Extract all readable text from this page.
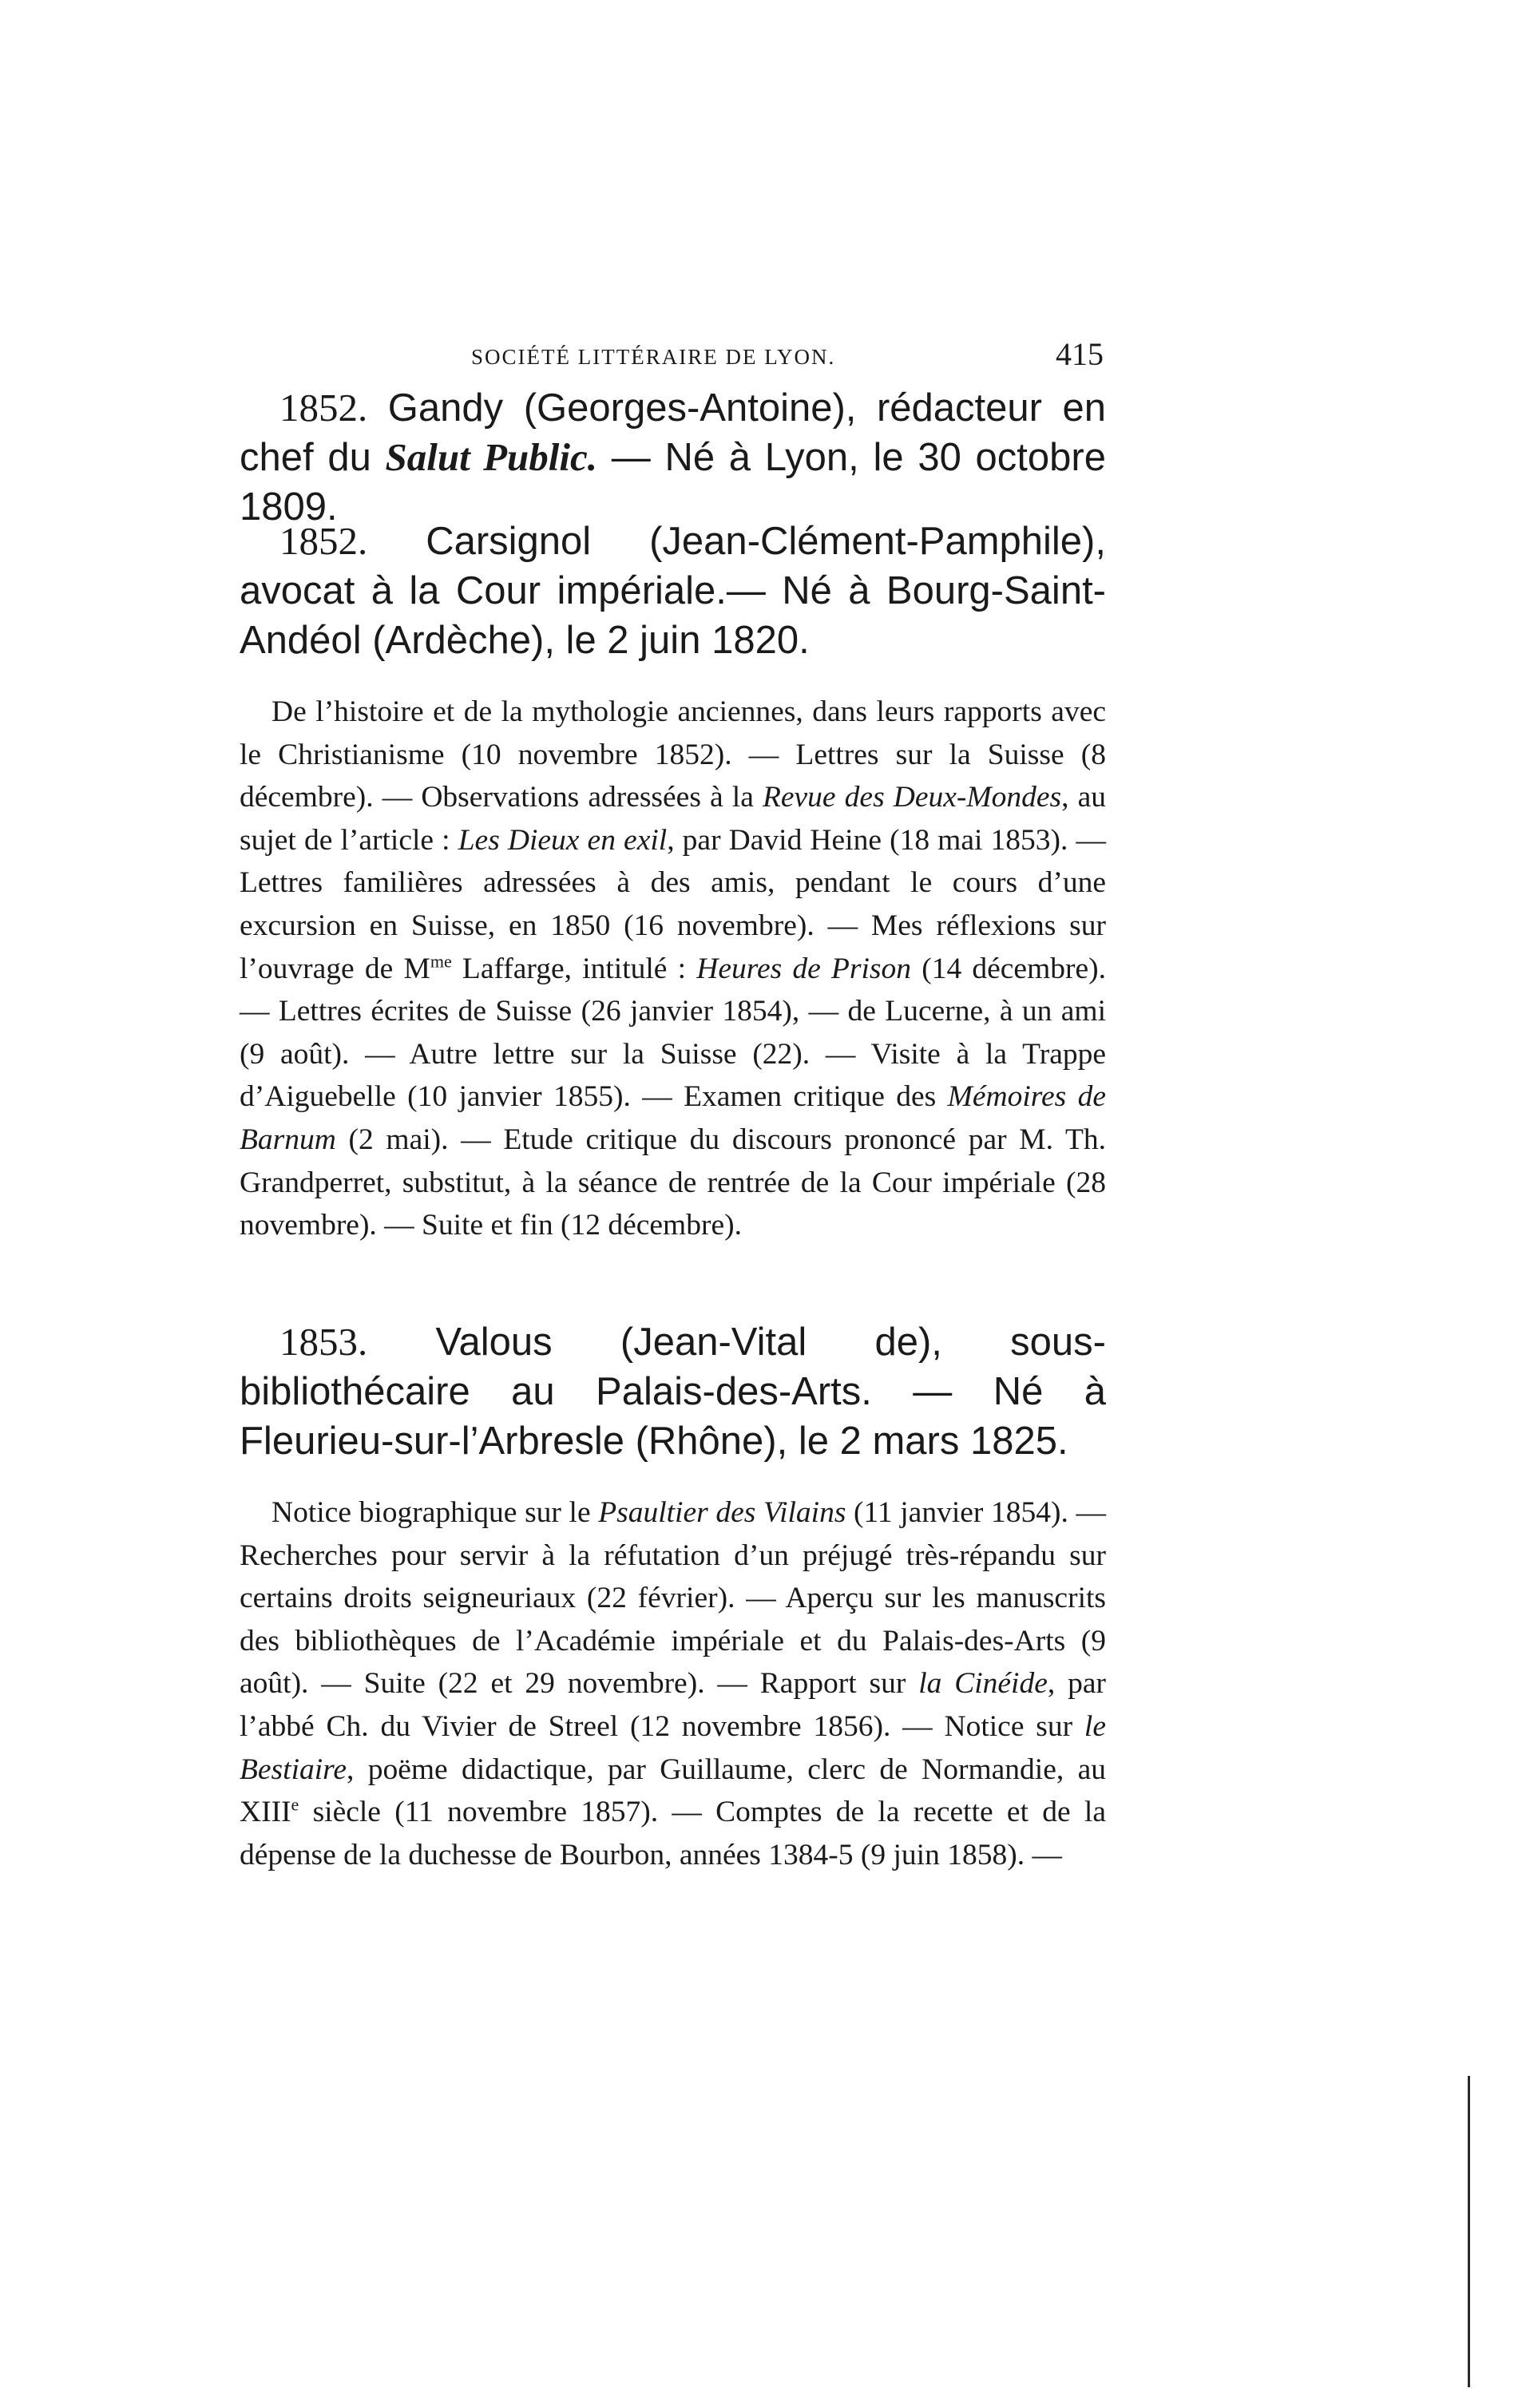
SOCIÉTÉ LITTÉRAIRE DE LYON.	415

1852. Gandy (Georges-Antoine), rédacteur en chef du Salut Public. — Né à Lyon, le 30 octobre 1809.

1852. Carsignol (Jean-Clément-Pamphile), avocat à la Cour impériale.— Né à Bourg-Saint-Andéol (Ardèche), le 2 juin 1820.

De l’histoire et de la mythologie anciennes, dans leurs rapports avec le Christianisme (10 novembre 1852). — Lettres sur la Suisse (8 décembre). — Observations adressées à la Revue des Deux-Mondes, au sujet de l’article : Les Dieux en exil, par David Heine (18 mai 1853). — Lettres familières adressées à des amis, pendant le cours d’une excursion en Suisse, en 1850 (16 novembre). — Mes réflexions sur l’ouvrage de $M^{me}$ Laffarge, intitulé : Heures de Prison (14 décembre). — Lettres écrites de Suisse (26 janvier 1854), — de Lucerne, à un ami (9 août). — Autre lettre sur la Suisse (22). — Visite à la Trappe d’Aiguebelle (10 janvier 1855). — Examen critique des Mémoires de Barnum (2 mai). — Etude critique du discours prononcé par M. Th. Grandperret, substitut, à la séance de rentrée de la Cour impériale (28 novembre). — Suite et fin (12 décembre).

1853. Valous (Jean-Vital de), sous-bibliothécaire au Palais-des-Arts. — Né à Fleurieu-sur-l’Arbresle (Rhône), le 2 mars 1825.

Notice biographique sur le Psaultier des Vilains (11 janvier 1854). — Recherches pour servir à la réfutation d’un préjugé très-répandu sur certains droits seigneuriaux (22 février). — Aperçu sur les manuscrits des bibliothèques de l’Académie impériale et du Palais-des-Arts (9 août). — Suite (22 et 29 novembre). — Rapport sur la Cinéide, par l’abbé Ch. du Vivier de Streel (12 novembre 1856). — Notice sur le Bestiaire, poëme didactique, par Guillaume, clerc de Normandie, au XIIIe siècle (11 novembre 1857). — Comptes de la recette et de la dépense de la duchesse de Bourbon, années 1384-5 (9 juin 1858). —
